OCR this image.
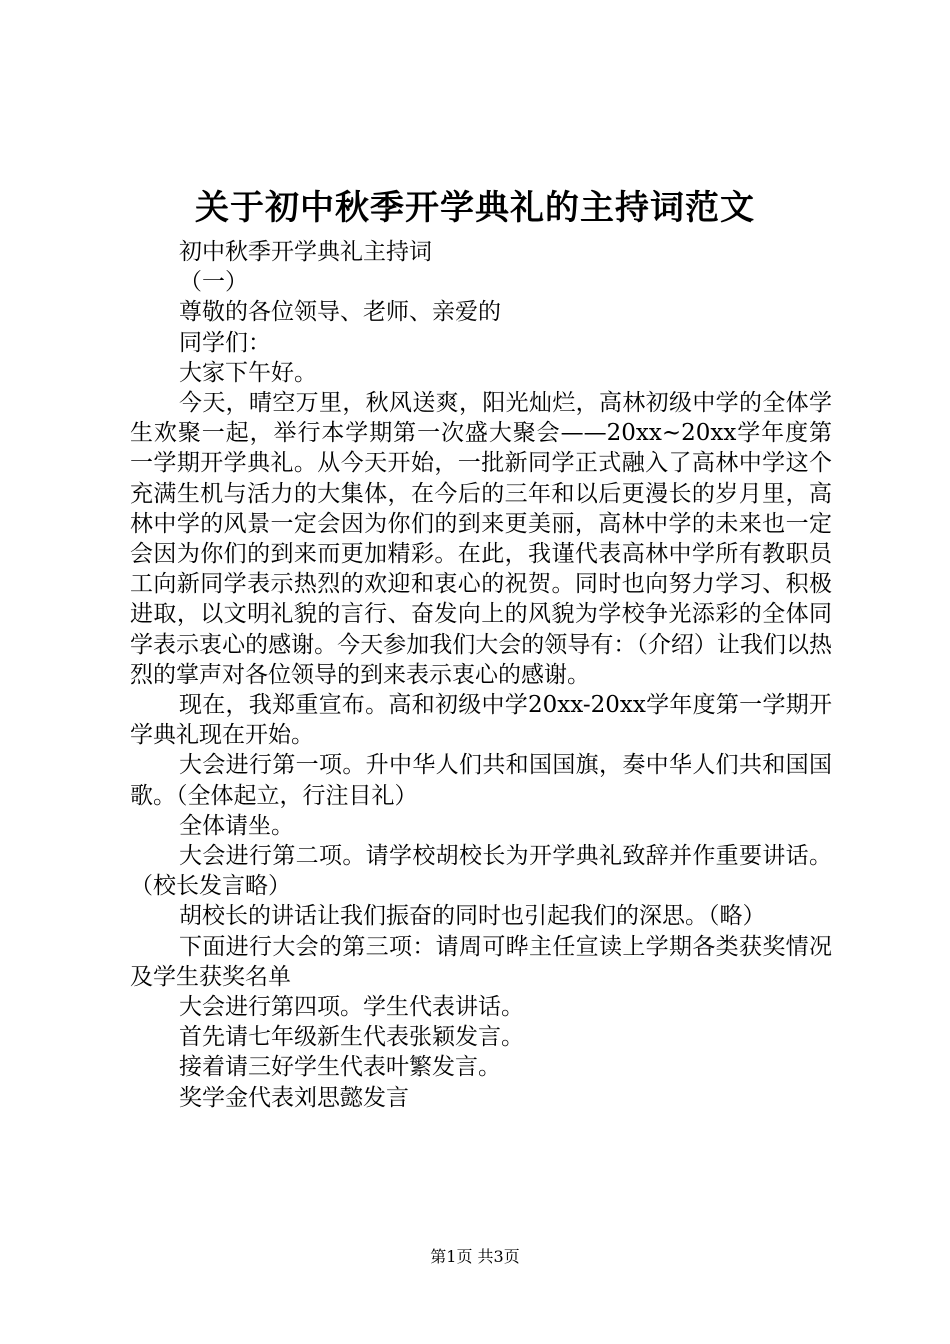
关于初中秋季开学典礼的主持词范文

初中秋季开学典礼主持词

（一）

尊敬的各位领导、老师、亲爱的

同学们：

大家下午好。

今天，晴空万里，秋风送爽，阳光灿烂，高林初级中学的全体学生欢聚一起，举行本学期第一次盛大聚会——20xx~20xx学年度第一学期开学典礼。从今天开始，一批新同学正式融入了高林中学这个充满生机与活力的大集体，在今后的三年和以后更漫长的岁月里，高林中学的风景一定会因为你们的到来更美丽，高林中学的未来也一定会因为你们的到来而更加精彩。在此，我谨代表高林中学所有教职员工向新同学表示热烈的欢迎和衷心的祝贺。同时也向努力学习、积极进取，以文明礼貌的言行、奋发向上的风貌为学校争光添彩的全体同学表示衷心的感谢。今天参加我们大会的领导有：（介绍）让我们以热烈的掌声对各位领导的到来表示衷心的感谢。

现在，我郑重宣布。高和初级中学20xx-20xx学年度第一学期开学典礼现在开始。

大会进行第一项。升中华人们共和国国旗，奏中华人们共和国国歌。（全体起立，行注目礼）

全体请坐。

大会进行第二项。请学校胡校长为开学典礼致辞并作重要讲话。（校长发言略）

胡校长的讲话让我们振奋的同时也引起我们的深思。（略）

下面进行大会的第三项：请周可晔主任宣读上学期各类获奖情况及学生获奖名单

大会进行第四项。学生代表讲话。

首先请七年级新生代表张颖发言。

接着请三好学生代表叶繁发言。

奖学金代表刘思懿发言

第1页 共3页
